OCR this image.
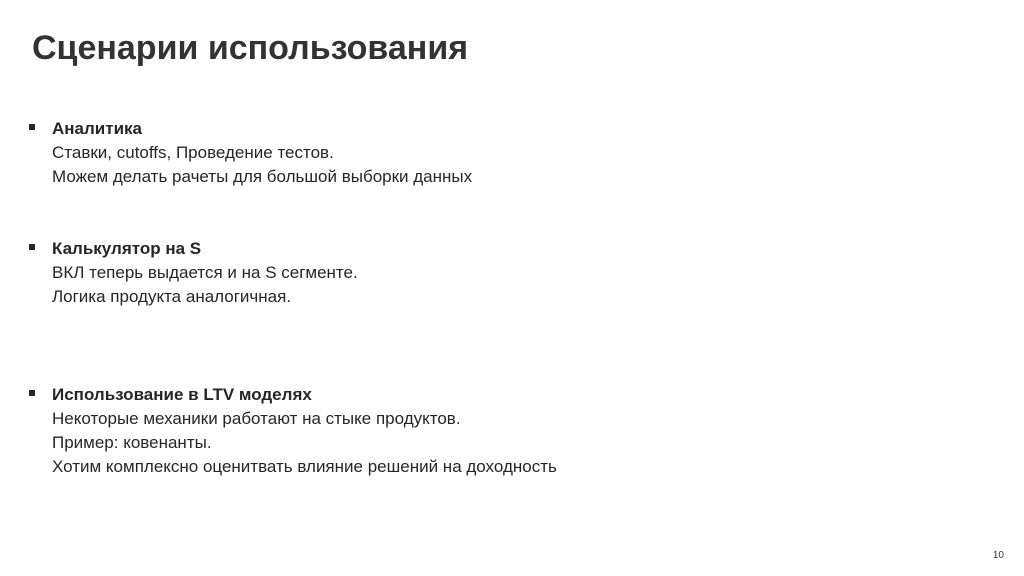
Сценарии использования
Аналитика
Ставки, cutoffs, Проведение тестов.
Можем делать рачеты для большой выборки данных
Калькулятор на S
ВКЛ теперь выдается и на S сегменте.
Логика продукта аналогичная.
Использование в LTV моделях
Некоторые механики работают на стыке продуктов.
Пример: ковенанты.
Хотим комплексно оценитвать влияние решений на доходность
10
